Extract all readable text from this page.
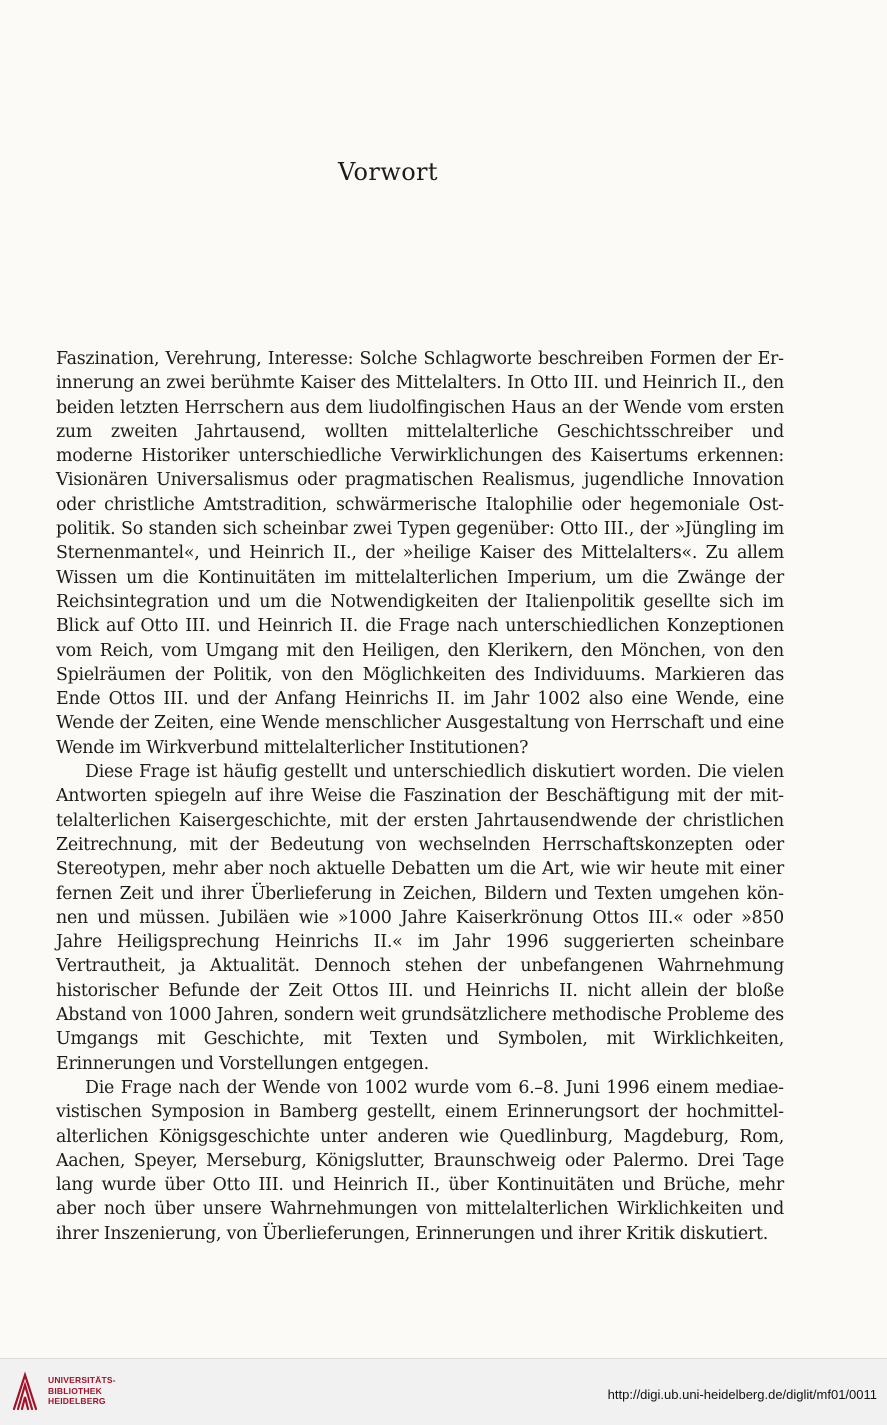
Vorwort

Faszination, Verehrung, Interesse: Solche Schlagworte beschreiben Formen der Erinnerung an zwei berühmte Kaiser des Mittelalters. In Otto III. und Heinrich II., den beiden letzten Herrschern aus dem liudolfingischen Haus an der Wende vom ersten zum zweiten Jahrtausend, wollten mittelalterliche Geschichtsschreiber und moderne Historiker unterschiedliche Verwirklichungen des Kaisertums erkennen: Visionären Universalismus oder pragmatischen Realismus, jugendliche Innovation oder christliche Amtstradition, schwärmerische Italophilie oder hegemoniale Ostpolitik. So standen sich scheinbar zwei Typen gegenüber: Otto III., der »Jüngling im Sternenmantel«, und Heinrich II., der »heilige Kaiser des Mittelalters«. Zu allem Wissen um die Kontinuitäten im mittelalterlichen Imperium, um die Zwänge der Reichsintegration und um die Notwendigkeiten der Italienpolitik gesellte sich im Blick auf Otto III. und Heinrich II. die Frage nach unterschiedlichen Konzeptionen vom Reich, vom Umgang mit den Heiligen, den Klerikern, den Mönchen, von den Spielräumen der Politik, von den Möglichkeiten des Individuums. Markieren das Ende Ottos III. und der Anfang Heinrichs II. im Jahr 1002 also eine Wende, eine Wende der Zeiten, eine Wende menschlicher Ausgestaltung von Herrschaft und eine Wende im Wirkverbund mittelalterlicher Institutionen?

Diese Frage ist häufig gestellt und unterschiedlich diskutiert worden. Die vielen Antworten spiegeln auf ihre Weise die Faszination der Beschäftigung mit der mittelalterlichen Kaisergeschichte, mit der ersten Jahrtausendwende der christlichen Zeitrechnung, mit der Bedeutung von wechselnden Herrschaftskonzepten oder Stereotypen, mehr aber noch aktuelle Debatten um die Art, wie wir heute mit einer fernen Zeit und ihrer Überlieferung in Zeichen, Bildern und Texten umgehen können und müssen. Jubiläen wie »1000 Jahre Kaiserkrönung Ottos III.« oder »850 Jahre Heiligsprechung Heinrichs II.« im Jahr 1996 suggerierten scheinbare Vertrautheit, ja Aktualität. Dennoch stehen der unbefangenen Wahrnehmung historischer Befunde der Zeit Ottos III. und Heinrichs II. nicht allein der bloße Abstand von 1000 Jahren, sondern weit grundsätzlichere methodische Probleme des Umgangs mit Geschichte, mit Texten und Symbolen, mit Wirklichkeiten, Erinnerungen und Vorstellungen entgegen.

Die Frage nach der Wende von 1002 wurde vom 6.–8. Juni 1996 einem mediaevistischen Symposion in Bamberg gestellt, einem Erinnerungsort der hochmittelalterlichen Königsgeschichte unter anderen wie Quedlinburg, Magdeburg, Rom, Aachen, Speyer, Merseburg, Königslutter, Braunschweig oder Palermo. Drei Tage lang wurde über Otto III. und Heinrich II., über Kontinuitäten und Brüche, mehr aber noch über unsere Wahrnehmungen von mittelalterlichen Wirklichkeiten und ihrer Inszenierung, von Überlieferungen, Erinnerungen und ihrer Kritik diskutiert.

UNIVERSITÄTS-
BIBLIOTHEK
HEIDELBERG	http://digi.ub.uni-heidelberg.de/diglit/mf01/0011
